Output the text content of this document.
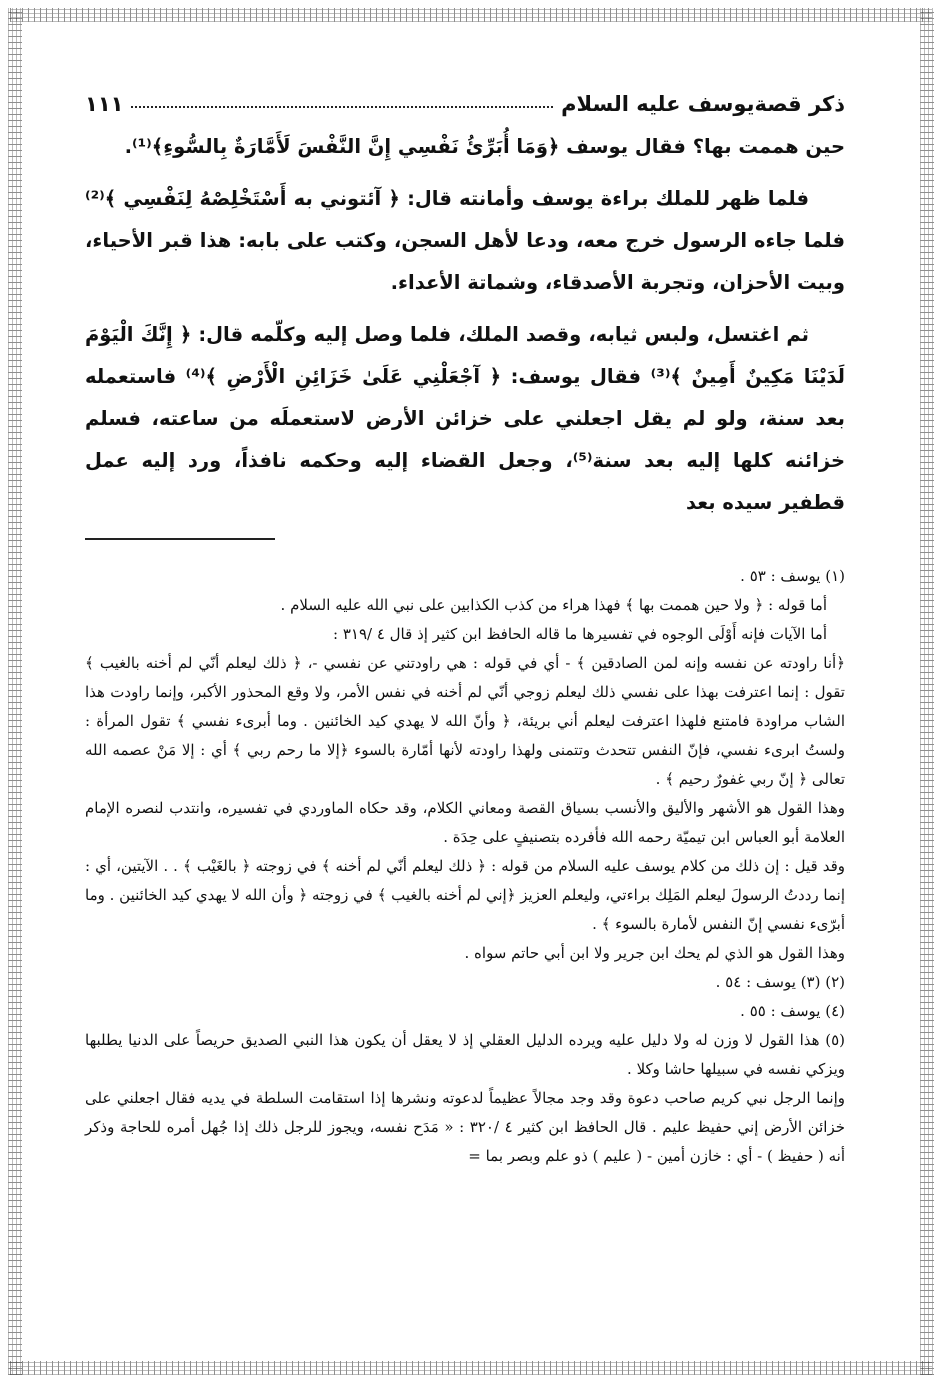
ذكر قصةيوسف عليه السلام
١١١

حين هممت بها؟ فقال يوسف ﴿وَمَا أُبَرِّئُ نَفْسِي إِنَّ النَّفْسَ لَأَمَّارَةٌ بِالسُّوءِ﴾⁽¹⁾.

فلما ظهر للملك براءة يوسف وأمانته قال: ﴿ آئتوني به أَسْتَخْلِصْهُ لِنَفْسِي ﴾⁽²⁾ فلما جاءه الرسول خرج معه، ودعا لأهل السجن، وكتب على بابه: هذا قبر الأحياء، وبيت الأحزان، وتجربة الأصدقاء، وشماتة الأعداء.

ثم اغتسل، ولبس ثيابه، وقصد الملك، فلما وصل إليه وكلّمه قال: ﴿ إِنَّكَ الْيَوْمَ لَدَيْنَا مَكِينٌ أَمِينٌ ﴾⁽³⁾ فقال يوسف: ﴿ آجْعَلْنِي عَلَىٰ خَزَائِنِ الْأَرْضِ ﴾⁽⁴⁾ فاستعمله بعد سنة، ولو لم يقل اجعلني على خزائن الأرض لاستعملَه من ساعته، فسلم خزائنه كلها إليه بعد سنة⁽⁵⁾، وجعل القضاء إليه وحكمه نافذاً، ورد إليه عمل قطفير سيده بعد

(١) يوسف : ٥٣ .

أما قوله : ﴿ ولا حين هممت بها ﴾ فهذا هراء من كذب الكذابين على نبي الله عليه السلام .

أما الآيات فإنه أَوْلَى الوجوه في تفسيرها ما قاله الحافظ ابن كثير إذ قال ٤ /٣١٩ :

﴿أنا راودته عن نفسه وإنه لمن الصادقين ﴾ - أي في قوله : هي راودتني عن نفسي -، ﴿ ذلك ليعلم أنّي لم أخنه بالغيب ﴾ تقول : إنما اعترفت بهذا على نفسي ذلك ليعلم زوجي أنّي لم أخنه في نفس الأمر، ولا وقع المحذور الأكبر، وإنما راودت هذا الشاب مراودة فامتنع فلهذا اعترفت ليعلم أني بريئة، ﴿ وأنّ الله لا يهدي كيد الخائنين . وما أبرىء نفسي ﴾ تقول المرأة : ولستُ ابرىء نفسي، فإنّ النفس تتحدث وتتمنى ولهذا راودته لأنها أمّارة بالسوء ﴿إلا ما رحم ربي ﴾ أي : إلا مَنْ عصمه الله تعالى ﴿ إنّ ربي غفورٌ رحيم ﴾ .

وهذا القول هو الأشهر والأليق والأنسب بسياق القصة ومعاني الكلام، وقد حكاه الماوردي في تفسيره، وانتدب لنصره الإمام العلامة أبو العباس ابن تيميّة رحمه الله فأفرده بتصنيفٍ على حِدَة .

وقد قيل : إن ذلك من كلام يوسف عليه السلام من قوله : ﴿ ذلك ليعلم أنّي لم أخنه ﴾ في زوجته ﴿ بالغَيْب ﴾ . . الآيتين، أي : إنما رددتُ الرسولَ ليعلم المَلِك براءتي، وليعلم العزيز ﴿إني لم أخنه بالغيب ﴾ في زوجته ﴿ وأن الله لا يهدي كيد الخائنين . وما أبرّىء نفسي إنّ النفس لأمارة بالسوء ﴾ .

وهذا القول هو الذي لم يحك ابن جرير ولا ابن أبي حاتم سواه .

(٢) (٣) يوسف : ٥٤ .

(٤) يوسف : ٥٥ .

(٥) هذا القول لا وزن له ولا دليل عليه ويرده الدليل العقلي إذ لا يعقل أن يكون هذا النبي الصديق حريصاً على الدنيا يطلبها ويزكي نفسه في سبيلها حاشا وكلا .

وإنما الرجل نبي كريم صاحب دعوة وقد وجد مجالاً عظيماً لدعوته ونشرها إذا استقامت السلطة في يديه فقال اجعلني على خزائن الأرض إني حفيظ عليم . قال الحافظ ابن كثير ٤ /٣٢٠ : « مَدَح نفسه، ويجوز للرجل ذلك إذا جُهل أمره للحاجة وذكر أنه ( حفيظ ) - أي : خازن أمين - ( عليم ) ذو علم وبصر بما =
